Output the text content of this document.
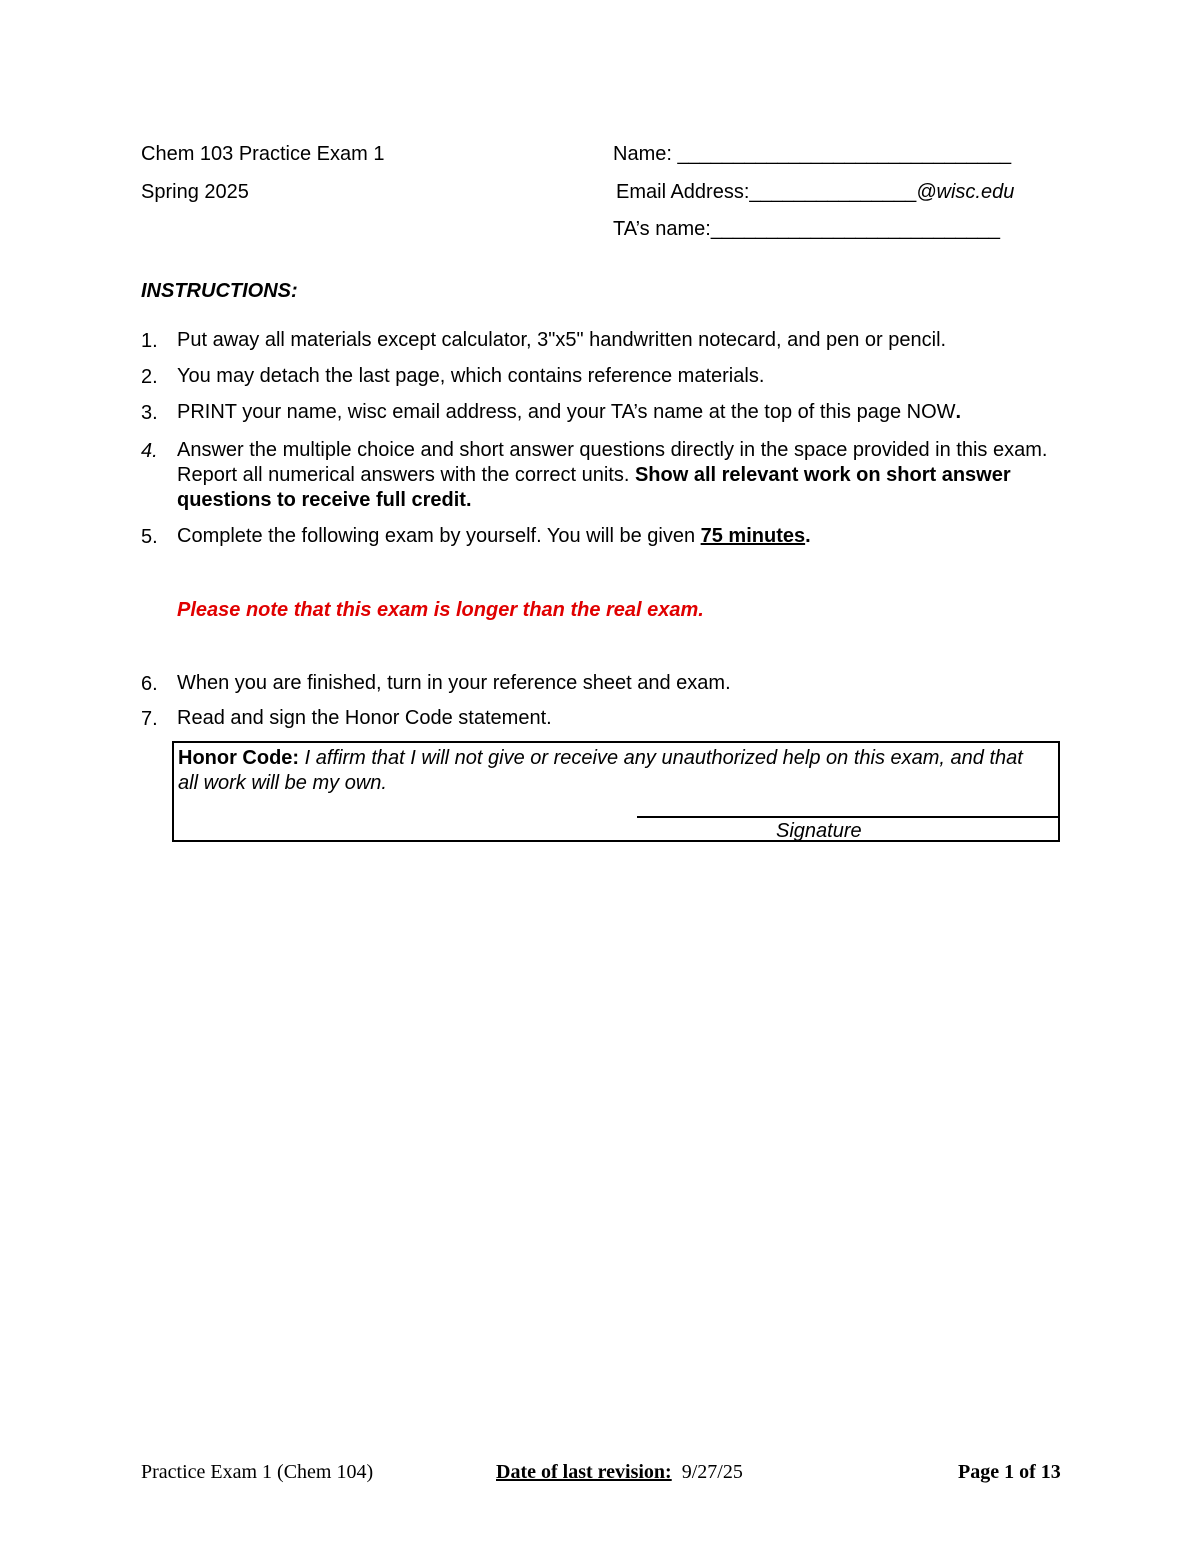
Chem 103 Practice Exam 1
Spring 2025
Name: ______________________________
Email Address:_______________@wisc.edu
TA’s name:__________________________
INSTRUCTIONS:
1. Put away all materials except calculator, 3"x5" handwritten notecard, and pen or pencil.
2. You may detach the last page, which contains reference materials.
3. PRINT your name, wisc email address, and your TA’s name at the top of this page NOW.
4. Answer the multiple choice and short answer questions directly in the space provided in this exam. Report all numerical answers with the correct units. Show all relevant work on short answer questions to receive full credit.
5. Complete the following exam by yourself. You will be given 75 minutes.
Please note that this exam is longer than the real exam.
6. When you are finished, turn in your reference sheet and exam.
7. Read and sign the Honor Code statement.
Honor Code: I affirm that I will not give or receive any unauthorized help on this exam, and that all work will be my own.
Signature
Practice Exam 1 (Chem 104)	Date of last revision: 9/27/25	Page 1 of 13
